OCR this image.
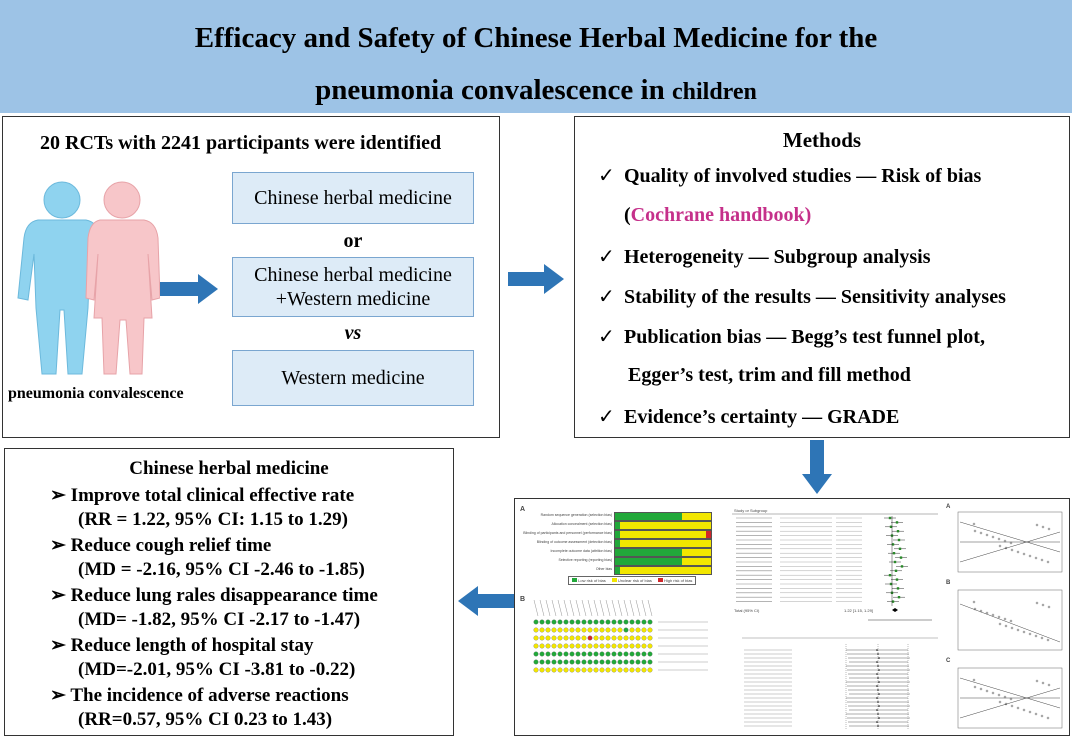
Efficacy and Safety of Chinese Herbal Medicine for the
pneumonia convalescence in children
20 RCTs with 2241 participants were identified
pneumonia convalescence
Chinese herbal medicine
or
Chinese herbal medicine
+Western medicine
vs
Western medicine
Methods
✓ Quality of involved studies — Risk of bias
(Cochrane handbook)
✓ Heterogeneity — Subgroup analysis
✓ Stability of the results — Sensitivity analyses
✓ Publication bias — Begg’s test funnel plot,
Egger’s test, trim and fill method
✓ Evidence’s certainty — GRADE
Chinese herbal medicine
➢ Improve total clinical effective rate
(RR = 1.22, 95% CI: 1.15 to 1.29)
➢ Reduce cough relief time
(MD = -2.16, 95% CI -2.46 to -1.85)
➢ Reduce lung rales disappearance time
(MD= -1.82, 95% CI -2.17 to -1.47)
➢ Reduce length of hospital stay
(MD=-2.01, 95% CI -3.81 to -0.22)
➢ The incidence of adverse reactions
(RR=0.57, 95% CI 0.23 to 1.43)
A
Random sequence generation (selection bias)
Allocation concealment (selection bias)
Blinding of participants and personnel (performance bias)
Blinding of outcome assessment (detection bias)
Incomplete outcome data (attrition bias)
Selective reporting (reporting bias)
Other bias
Low risk of bias	Unclear risk of bias	High risk of bias
B
Study or Subgroup
Total (95% CI)	1.22 [1.15, 1.29]
A
B
C
